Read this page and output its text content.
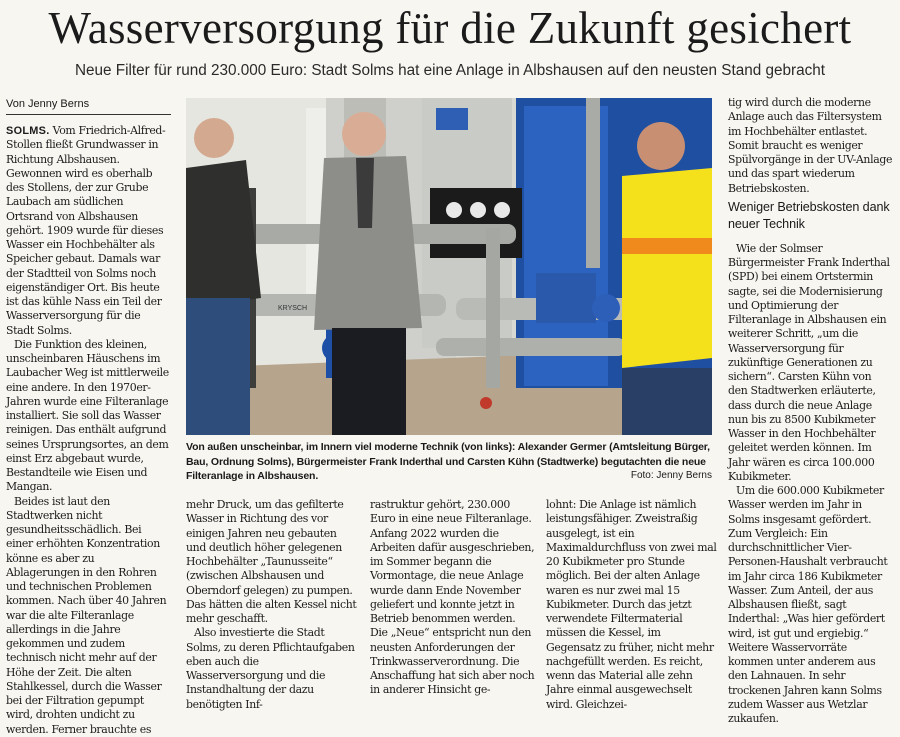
Wasserversorgung für die Zukunft gesichert
Neue Filter für rund 230.000 Euro: Stadt Solms hat eine Anlage in Albshausen auf den neusten Stand gebracht
Von Jenny Berns

SOLMS. Vom Friedrich-Alfred-Stollen fließt Grundwasser in Richtung Albshausen. Gewonnen wird es oberhalb des Stollens, der zur Grube Laubach am südlichen Ortsrand von Albshausen gehört. 1909 wurde für dieses Wasser ein Hochbehälter als Speicher gebaut. Damals war der Stadtteil von Solms noch eigenständiger Ort. Bis heute ist das kühle Nass ein Teil der Wasserversorgung für die Stadt Solms.

Die Funktion des kleinen, unscheinbaren Häuschens im Laubacher Weg ist mittlerweile eine andere. In den 1970er-Jahren wurde eine Filteranlage installiert. Sie soll das Wasser reinigen. Das enthält aufgrund seines Ursprungsortes, an dem einst Erz abgebaut wurde, Bestandteile wie Eisen und Mangan.

Beides ist laut den Stadtwerken nicht gesundheitsschädlich. Bei einer erhöhten Konzentration könne es aber zu Ablagerungen in den Rohren und technischen Problemen kommen. Nach über 40 Jahren war die alte Filteranlage allerdings in die Jahre gekommen und zudem technisch nicht mehr auf der Höhe der Zeit. Die alten Stahlkessel, durch die Wasser bei der Filtration gepumpt wird, drohten undicht zu werden. Ferner brauchte es

KRYSCH
Von außen unscheinbar, im Innern viel moderne Technik (von links): Alexander Germer (Amtsleitung Bürger, Bau, Ordnung Solms), Bürgermeister Frank Inderthal und Carsten Kühn (Stadtwerke) begutachten die neue Filteranlage in Albshausen.	Foto: Jenny Berns

mehr Druck, um das gefilterte Wasser in Richtung des vor einigen Jahren neu gebauten und deutlich höher gelegenen Hochbehälter „Taunusseite“ (zwischen Albshausen und Oberndorf gelegen) zu pumpen. Das hätten die alten Kessel nicht mehr geschafft.

Also investierte die Stadt Solms, zu deren Pflichtaufgaben eben auch die Wasserversorgung und die Instandhaltung der dazu benötigten Inf-

rastruktur gehört, 230.000 Euro in eine neue Filteranlage. Anfang 2022 wurden die Arbeiten dafür ausgeschrieben, im Sommer begann die Vormontage, die neue Anlage wurde dann Ende November geliefert und konnte jetzt in Betrieb benommen werden. Die „Neue“ entspricht nun den neusten Anforderungen der Trinkwasserverordnung. Die Anschaffung hat sich aber noch in anderer Hinsicht ge-

lohnt: Die Anlage ist nämlich leistungsfähiger. Zweistraßig ausgelegt, ist ein Maximaldurchfluss von zwei mal 20 Kubikmeter pro Stunde möglich. Bei der alten Anlage waren es nur zwei mal 15 Kubikmeter. Durch das jetzt verwendete Filtermaterial müssen die Kessel, im Gegensatz zu früher, nicht mehr nachgefüllt werden. Es reicht, wenn das Material alle zehn Jahre einmal ausgewechselt wird. Gleichzei-

tig wird durch die moderne Anlage auch das Filtersystem im Hochbehälter entlastet. Somit braucht es weniger Spülvorgänge in der UV-Anlage und das spart wiederum Betriebskosten.

Weniger Betriebskosten dank neuer Technik

Wie der Solmser Bürgermeister Frank Inderthal (SPD) bei einem Ortstermin sagte, sei die Modernisierung und Optimierung der Filteranlage in Albshausen ein weiterer Schritt, „um die Wasserversorgung für zukünftige Generationen zu sichern“. Carsten Kühn von den Stadtwerken erläuterte, dass durch die neue Anlage nun bis zu 8500 Kubikmeter Wasser in den Hochbehälter geleitet werden können. Im Jahr wären es circa 100.000 Kubikmeter.

Um die 600.000 Kubikmeter Wasser werden im Jahr in Solms insgesamt gefördert. Zum Vergleich: Ein durchschnittlicher Vier-Personen-Haushalt verbraucht im Jahr circa 186 Kubikmeter Wasser. Zum Anteil, der aus Albshausen fließt, sagt Inderthal: „Was hier gefördert wird, ist gut und ergiebig.“ Weitere Wasservorräte kommen unter anderem aus den Lahnauen. In sehr trockenen Jahren kann Solms zudem Wasser aus Wetzlar zukaufen.
